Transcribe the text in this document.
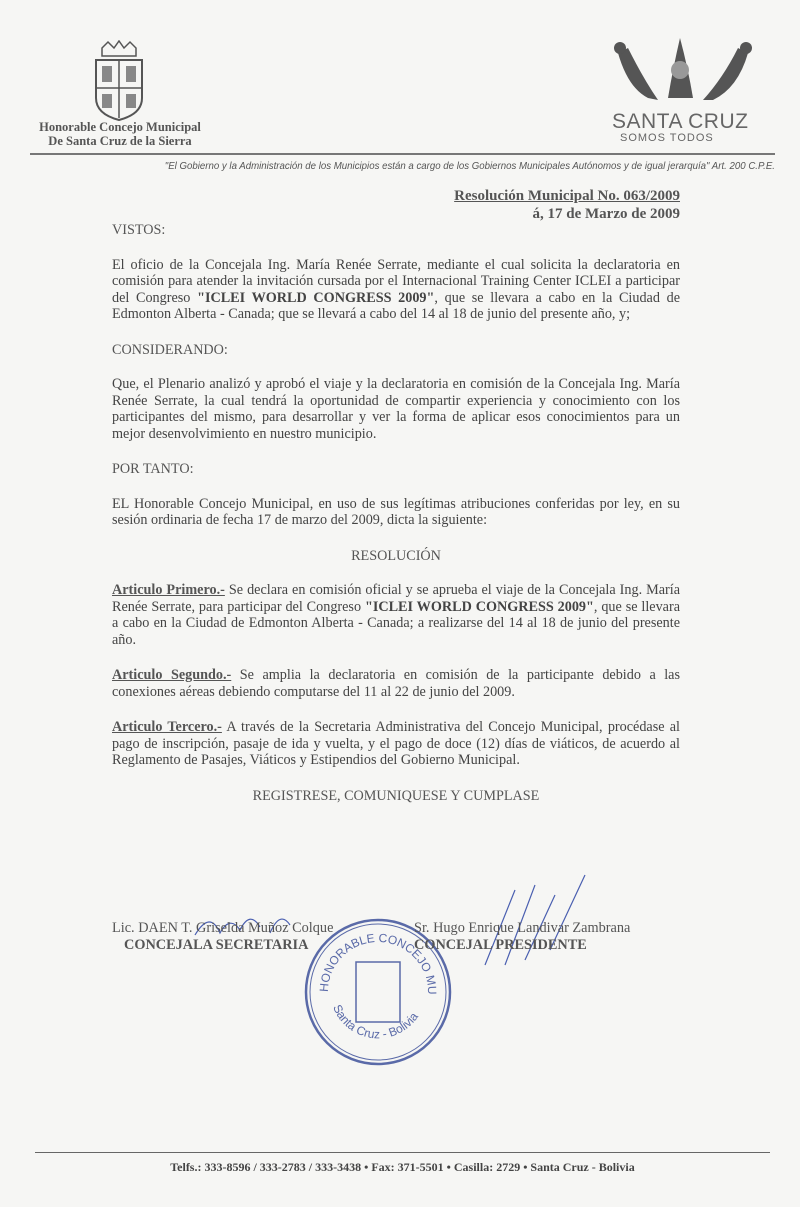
Honorable Concejo Municipal
De Santa Cruz de la Sierra
SANTA CRUZ
SOMOS TODOS
"El Gobierno y la Administración de los Municipios están a cargo de los Gobiernos Municipales Autónomos y de igual jerarquía" Art. 200 C.P.E.
Resolución Municipal No. 063/2009
á, 17 de Marzo de 2009
VISTOS:

El oficio de la Concejala Ing. María Renée Serrate, mediante el cual solicita la declaratoria en comisión para atender la invitación cursada por el Internacional Training Center ICLEI a participar del Congreso "ICLEI WORLD CONGRESS 2009", que se llevara a cabo en la Ciudad de Edmonton Alberta - Canada; que se llevará a cabo del 14 al 18 de junio del presente año, y;

CONSIDERANDO:

Que, el Plenario analizó y aprobó el viaje y la declaratoria en comisión de la Concejala Ing. María Renée Serrate, la cual tendrá la oportunidad de compartir experiencia y conocimiento con los participantes del mismo, para desarrollar y ver la forma de aplicar esos conocimientos para un mejor desenvolvimiento en nuestro municipio.

POR TANTO:

EL Honorable Concejo Municipal, en uso de sus legítimas atribuciones conferidas por ley, en su sesión ordinaria de fecha 17 de marzo del 2009, dicta la siguiente:

RESOLUCIÓN

Articulo Primero.- Se declara en comisión oficial y se aprueba el viaje de la Concejala Ing. María Renée Serrate, para participar del Congreso "ICLEI WORLD CONGRESS 2009", que se llevara a cabo en la Ciudad de Edmonton Alberta - Canada; a realizarse del 14 al 18 de junio del presente año.

Articulo Segundo.- Se amplia la declaratoria en comisión de la participante debido a las conexiones aéreas debiendo computarse del 11 al 22 de junio del 2009.

Articulo Tercero.- A través de la Secretaria Administrativa del Concejo Municipal, procédase al pago de inscripción, pasaje de ida y vuelta, y el pago de doce (12) días de viáticos, de acuerdo al Reglamento de Pasajes, Viáticos y Estipendios del Gobierno Municipal.

REGISTRESE, COMUNIQUESE Y CUMPLASE
HONORABLE CONCEJO MU
Santa Cruz - Bolivia
Lic. DAEN T. Griselda Muñoz Colque
CONCEJALA SECRETARIA
Sr. Hugo Enrique Landivar Zambrana
CONCEJAL PRESIDENTE
Telfs.: 333-8596 / 333-2783 / 333-3438 • Fax: 371-5501 • Casilla: 2729 • Santa Cruz - Bolivia
